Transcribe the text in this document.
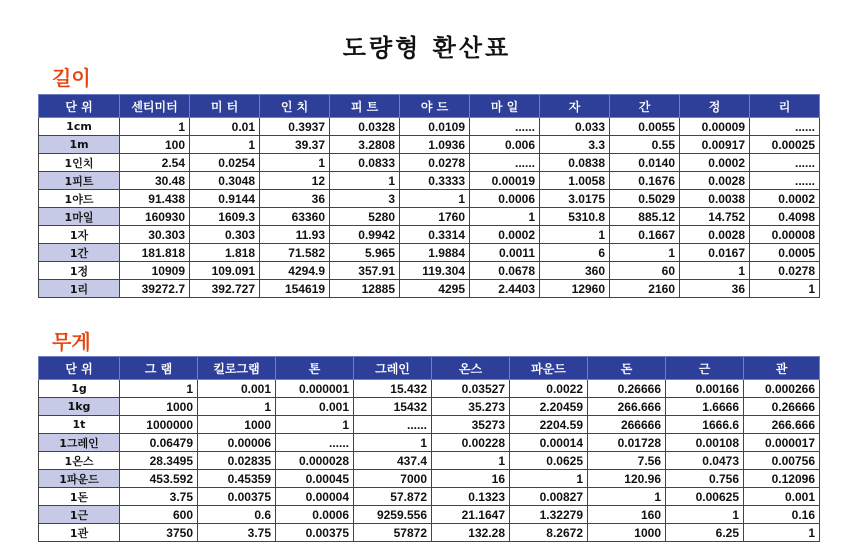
도량형 환산표
길이
단 위	센티미터	미 터	인 치	피 트	야 드	마 일	자	간	정	리
1cm	1	0.01	0.3937	0.0328	0.0109	......	0.033	0.0055	0.00009	......
1m	100	1	39.37	3.2808	1.0936	0.006	3.3	0.55	0.00917	0.00025
1인치	2.54	0.0254	1	0.0833	0.0278	......	0.0838	0.0140	0.0002	......
1피트	30.48	0.3048	12	1	0.3333	0.00019	1.0058	0.1676	0.0028	......
1야드	91.438	0.9144	36	3	1	0.0006	3.0175	0.5029	0.0038	0.0002
1마일	160930	1609.3	63360	5280	1760	1	5310.8	885.12	14.752	0.4098
1자	30.303	0.303	11.93	0.9942	0.3314	0.0002	1	0.1667	0.0028	0.00008
1간	181.818	1.818	71.582	5.965	1.9884	0.0011	6	1	0.0167	0.0005
1정	10909	109.091	4294.9	357.91	119.304	0.0678	360	60	1	0.0278
1리	39272.7	392.727	154619	12885	4295	2.4403	12960	2160	36	1
무게
단 위	그 램	킬로그램	톤	그레인	온스	파운드	돈	근	관
1g	1	0.001	0.000001	15.432	0.03527	0.0022	0.26666	0.00166	0.000266
1kg	1000	1	0.001	15432	35.273	2.20459	266.666	1.6666	0.26666
1t	1000000	1000	1	......	35273	2204.59	266666	1666.6	266.666
1그레인	0.06479	0.00006	......	1	0.00228	0.00014	0.01728	0.00108	0.000017
1온스	28.3495	0.02835	0.000028	437.4	1	0.0625	7.56	0.0473	0.00756
1파운드	453.592	0.45359	0.00045	7000	16	1	120.96	0.756	0.12096
1돈	3.75	0.00375	0.00004	57.872	0.1323	0.00827	1	0.00625	0.001
1근	600	0.6	0.0006	9259.556	21.1647	1.32279	160	1	0.16
1관	3750	3.75	0.00375	57872	132.28	8.2672	1000	6.25	1
